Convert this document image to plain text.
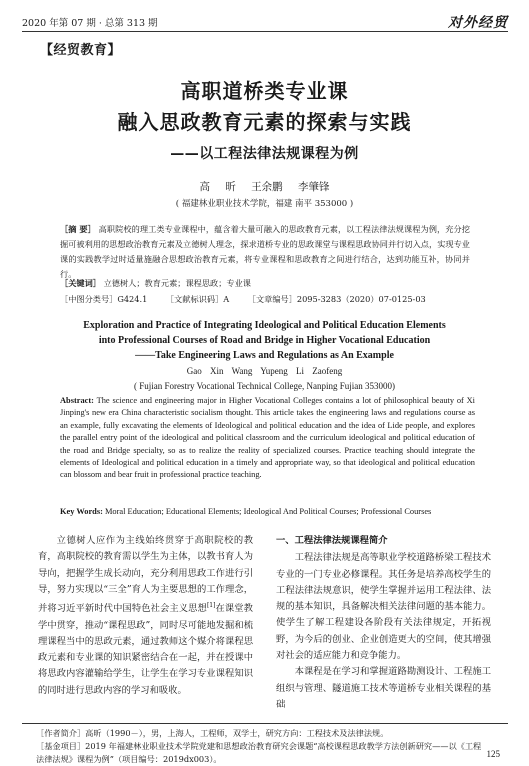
2020 年第 07 期 · 总第 313 期	对外经贸
【经贸教育】
高职道桥类专业课
融入思政教育元素的探索与实践
——以工程法律法规课程为例
高 昕 王余鹏 李肇锋
( 福建林业职业技术学院，福建 南平 353000 )
［摘 要］ 高职院校的理工类专业课程中，蕴含着大量可融入的思政教育元素，以工程法律法规课程为例，充分挖掘可被利用的思想政治教育元素及立德树人理念，探求道桥专业的思政课堂与课程思政协同并行切入点，实现专业课的实践教学过时适量施融合思想政治教育元素，将专业课程和思政教育之间进行结合，达到功能互补，协同并行。
［关键词］ 立德树人；教育元素；课程思政；专业课
［中图分类号］G424.1 ［文献标识码］A ［文章编号］2095-3283（2020）07-0125-03
Exploration and Practice of Integrating Ideological and Political Education Elements
into Professional Courses of Road and Bridge in Higher Vocational Education
——Take Engineering Laws and Regulations as An Example
Gao Xin Wang Yupeng Li Zaofeng
( Fujian Forestry Vocational Technical College, Nanping Fujian 353000)
Abstract: The science and engineering major in Higher Vocational Colleges contains a lot of philosophical beauty of Xi Jinping's new era China characteristic socialism thought. This article takes the engineering laws and regulations course as an example, fully excavating the elements of Ideological and political education and the idea of Lide people, and explores the parallel entry point of the ideological and political classroom and the curriculum ideological and political education of the road and Bridge specialty, so as to realize the reality of specialized courses. Practice teaching should integrate the elements of Ideological and political education in a timely and appropriate way, so that ideological and political education can blossom and bear fruit in professional practice teaching.
Key Words: Moral Education; Educational Elements; Ideological And Political Courses; Professional Courses
立德树人应作为主线始终贯穿于高职院校的教育，高职院校的教育需以学生为主体，以教书育人为导向，把握学生成长动向，充分利用思政工作进行引导，努力实现以“三全”育人为主要思想的工作理念，并将习近平新时代中国特色社会主义思想[1]在课堂教学中贯穿，推动“课程思政”，同时尽可能地发掘和梳理课程当中的思政元素，通过教师这个媒介将课程思政元素和专业课的知识紧密结合在一起，并在授课中将思政内容灌输给学生，让学生在学习专业课程知识的同时进行思政内容的学习和吸收。
一、工程法律法规课程简介
工程法律法规是高等职业学校道路桥梁工程技术专业的一门专业必修课程。其任务是培养高校学生的工程法律法规意识，使学生掌握并运用工程法律、法规的基本知识，具备解决相关法律问题的基本能力。使学生了解工程建设各阶段有关法律规定，开拓视野，为今后的创业、企业创造更大的空间，使其增强对社会的适应能力和竞争能力。
本课程是在学习和掌握道路勘测设计、工程施工组织与管理、隧道施工技术等道桥专业相关课程的基础
［作者简介］高昕（1990－），男，上海人，工程师，双学士，研究方向：工程技术及法律法规。
［基金项目］2019 年福建林业职业技术学院党建和思想政治教育研究会课题“高校课程思政教学方法创新研究——以《工程法律法规》课程为例”（项目编号：2019dx003）。	125
